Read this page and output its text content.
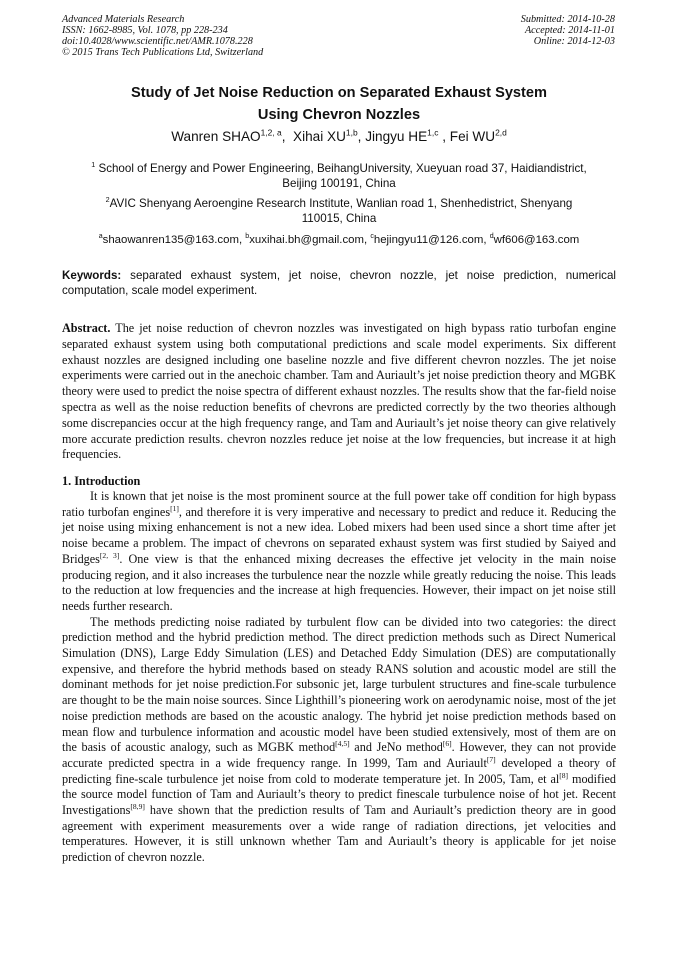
Advanced Materials Research
ISSN: 1662-8985, Vol. 1078, pp 228-234
doi:10.4028/www.scientific.net/AMR.1078.228
© 2015 Trans Tech Publications Ltd, Switzerland
Submitted: 2014-10-28
Accepted: 2014-11-01
Online: 2014-12-03
Study of Jet Noise Reduction on Separated Exhaust System
Using Chevron Nozzles
Wanren SHAO$^{1,2, a}$,  Xihai XU$^{1,b}$, Jingyu HE$^{1,c}$ , Fei WU$^{2,d}$
$^1$ School of Energy and Power Engineering, BeihangUniversity, Xueyuan road 37, Haidiandistrict,
Beijing 100191, China
$^2$AVIC Shenyang Aeroengine Research Institute, Wanlian road 1, Shenhedistrict, Shenyang
110015, China
$^a$shaowanren135@163.com, $^b$xuxihai.bh@gmail.com, $^c$hejingyu11@126.com, $^d$wf606@163.com
Keywords: separated exhaust system, jet noise, chevron nozzle, jet noise prediction, numerical computation, scale model experiment.
Abstract. The jet noise reduction of chevron nozzles was investigated on high bypass ratio turbofan engine separated exhaust system using both computational predictions and scale model experiments. Six different exhaust nozzles are designed including one baseline nozzle and five different chevron nozzles. The jet noise experiments were carried out in the anechoic chamber. Tam and Auriault’s jet noise prediction theory and MGBK theory were used to predict the noise spectra of different exhaust nozzles. The results show that the far-field noise spectra as well as the noise reduction benefits of chevrons are predicted correctly by the two theories although some discrepancies occur at the high frequency range, and Tam and Auriault’s jet noise theory can give relatively more accurate prediction results. chevron nozzles reduce jet noise at the low frequencies, but increase it at high frequencies.
1. Introduction

It is known that jet noise is the most prominent source at the full power take off condition for high bypass ratio turbofan engines[1], and therefore it is very imperative and necessary to predict and reduce it. Reducing the jet noise using mixing enhancement is not a new idea. Lobed mixers had been used since a short time after jet noise became a problem. The impact of chevrons on separated exhaust system was first studied by Saiyed and Bridges[2, 3]. One view is that the enhanced mixing decreases the effective jet velocity in the main noise producing region, and it also increases the turbulence near the nozzle while greatly reducing the noise. This leads to the reduction at low frequencies and the increase at high frequencies. However, their impact on jet noise still needs further research.

The methods predicting noise radiated by turbulent flow can be divided into two categories: the direct prediction method and the hybrid prediction method. The direct prediction methods such as Direct Numerical Simulation (DNS), Large Eddy Simulation (LES) and Detached Eddy Simulation (DES) are computationally expensive, and therefore the hybrid methods based on steady RANS solution and acoustic model are still the dominant methods for jet noise prediction.For subsonic jet, large turbulent structures and fine-scale turbulence are thought to be the main noise sources. Since Lighthill’s pioneering work on aerodynamic noise, most of the jet noise prediction methods are based on the acoustic analogy. The hybrid jet noise prediction methods based on mean flow and turbulence information and acoustic model have been studied extensively, most of them are on the basis of acoustic analogy, such as MGBK method[4,5] and JeNo method[6]. However, they can not provide accurate predicted spectra in a wide frequency range. In 1999, Tam and Auriault[7] developed a theory of predicting fine-scale turbulence jet noise from cold to moderate temperature jet. In 2005, Tam, et al[8] modified the source model function of Tam and Auriault’s theory to predict finescale turbulence noise of hot jet. Recent Investigations[8,9] have shown that the prediction results of Tam and Auriault’s prediction theory are in good agreement with experiment measurements over a wide range of radiation directions, jet velocities and temperatures. However, it is still unknown whether Tam and Auriault’s theory is applicable for jet noise prediction of chevron nozzle.
